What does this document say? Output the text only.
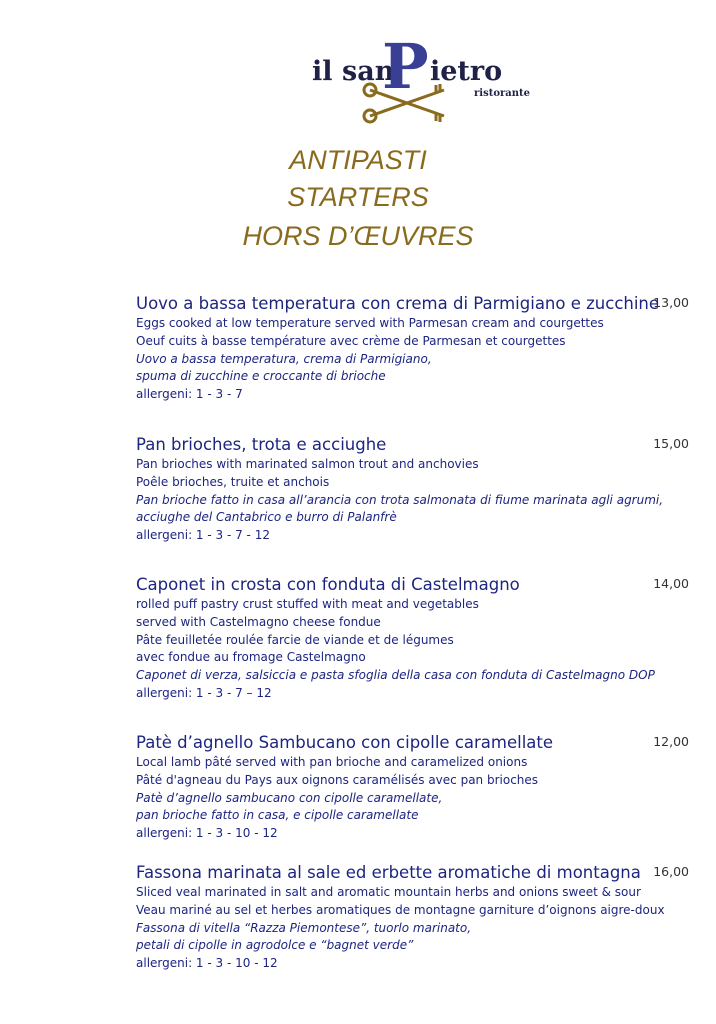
il san
P ietro
ristorante
ANTIPASTI
STARTERS
HORS D’ŒUVRES
Uovo a bassa temperatura con crema di Parmigiano e zucchine
13,00
Eggs cooked at low temperature served with Parmesan cream and courgettes
Oeuf cuits à basse température avec crème de Parmesan et courgettes
Uovo a bassa temperatura, crema di Parmigiano,
spuma di zucchine e croccante di brioche
allergeni: 1 - 3 - 7
Pan brioches, trota e acciughe	15,00
Pan brioches with marinated salmon trout and anchovies
Poêle brioches, truite et anchois
Pan brioche fatto in casa all’arancia con trota salmonata di fiume marinata agli agrumi,
acciughe del Cantabrico e burro di Palanfrè
allergeni: 1 - 3 - 7 - 12
Caponet in crosta con fonduta di Castelmagno	14,00
rolled puff pastry crust stuffed with meat and vegetables
served with Castelmagno cheese fondue
Pâte feuilletée roulée farcie de viande et de légumes
avec fondue au fromage Castelmagno
Caponet di verza, salsiccia e pasta sfoglia della casa con fonduta di Castelmagno DOP
allergeni: 1 - 3 - 7 – 12
Patè d’agnello Sambucano con cipolle caramellate	12,00
Local lamb pâté served with pan brioche and caramelized onions
Pâté d'agneau du Pays aux oignons caramélisés avec pan brioches
Patè d’agnello sambucano con cipolle caramellate,
pan brioche fatto in casa, e cipolle caramellate
allergeni: 1 - 3 - 10 - 12
Fassona marinata al sale ed erbette aromatiche di montagna 16,00
Sliced veal marinated in salt and aromatic mountain herbs and onions sweet & sour
Veau mariné au sel et herbes aromatiques de montagne garniture d’oignons aigre-doux
Fassona di vitella “Razza Piemontese”, tuorlo marinato,
petali di cipolle in agrodolce e “bagnet verde”
allergeni: 1 - 3 - 10 - 12
